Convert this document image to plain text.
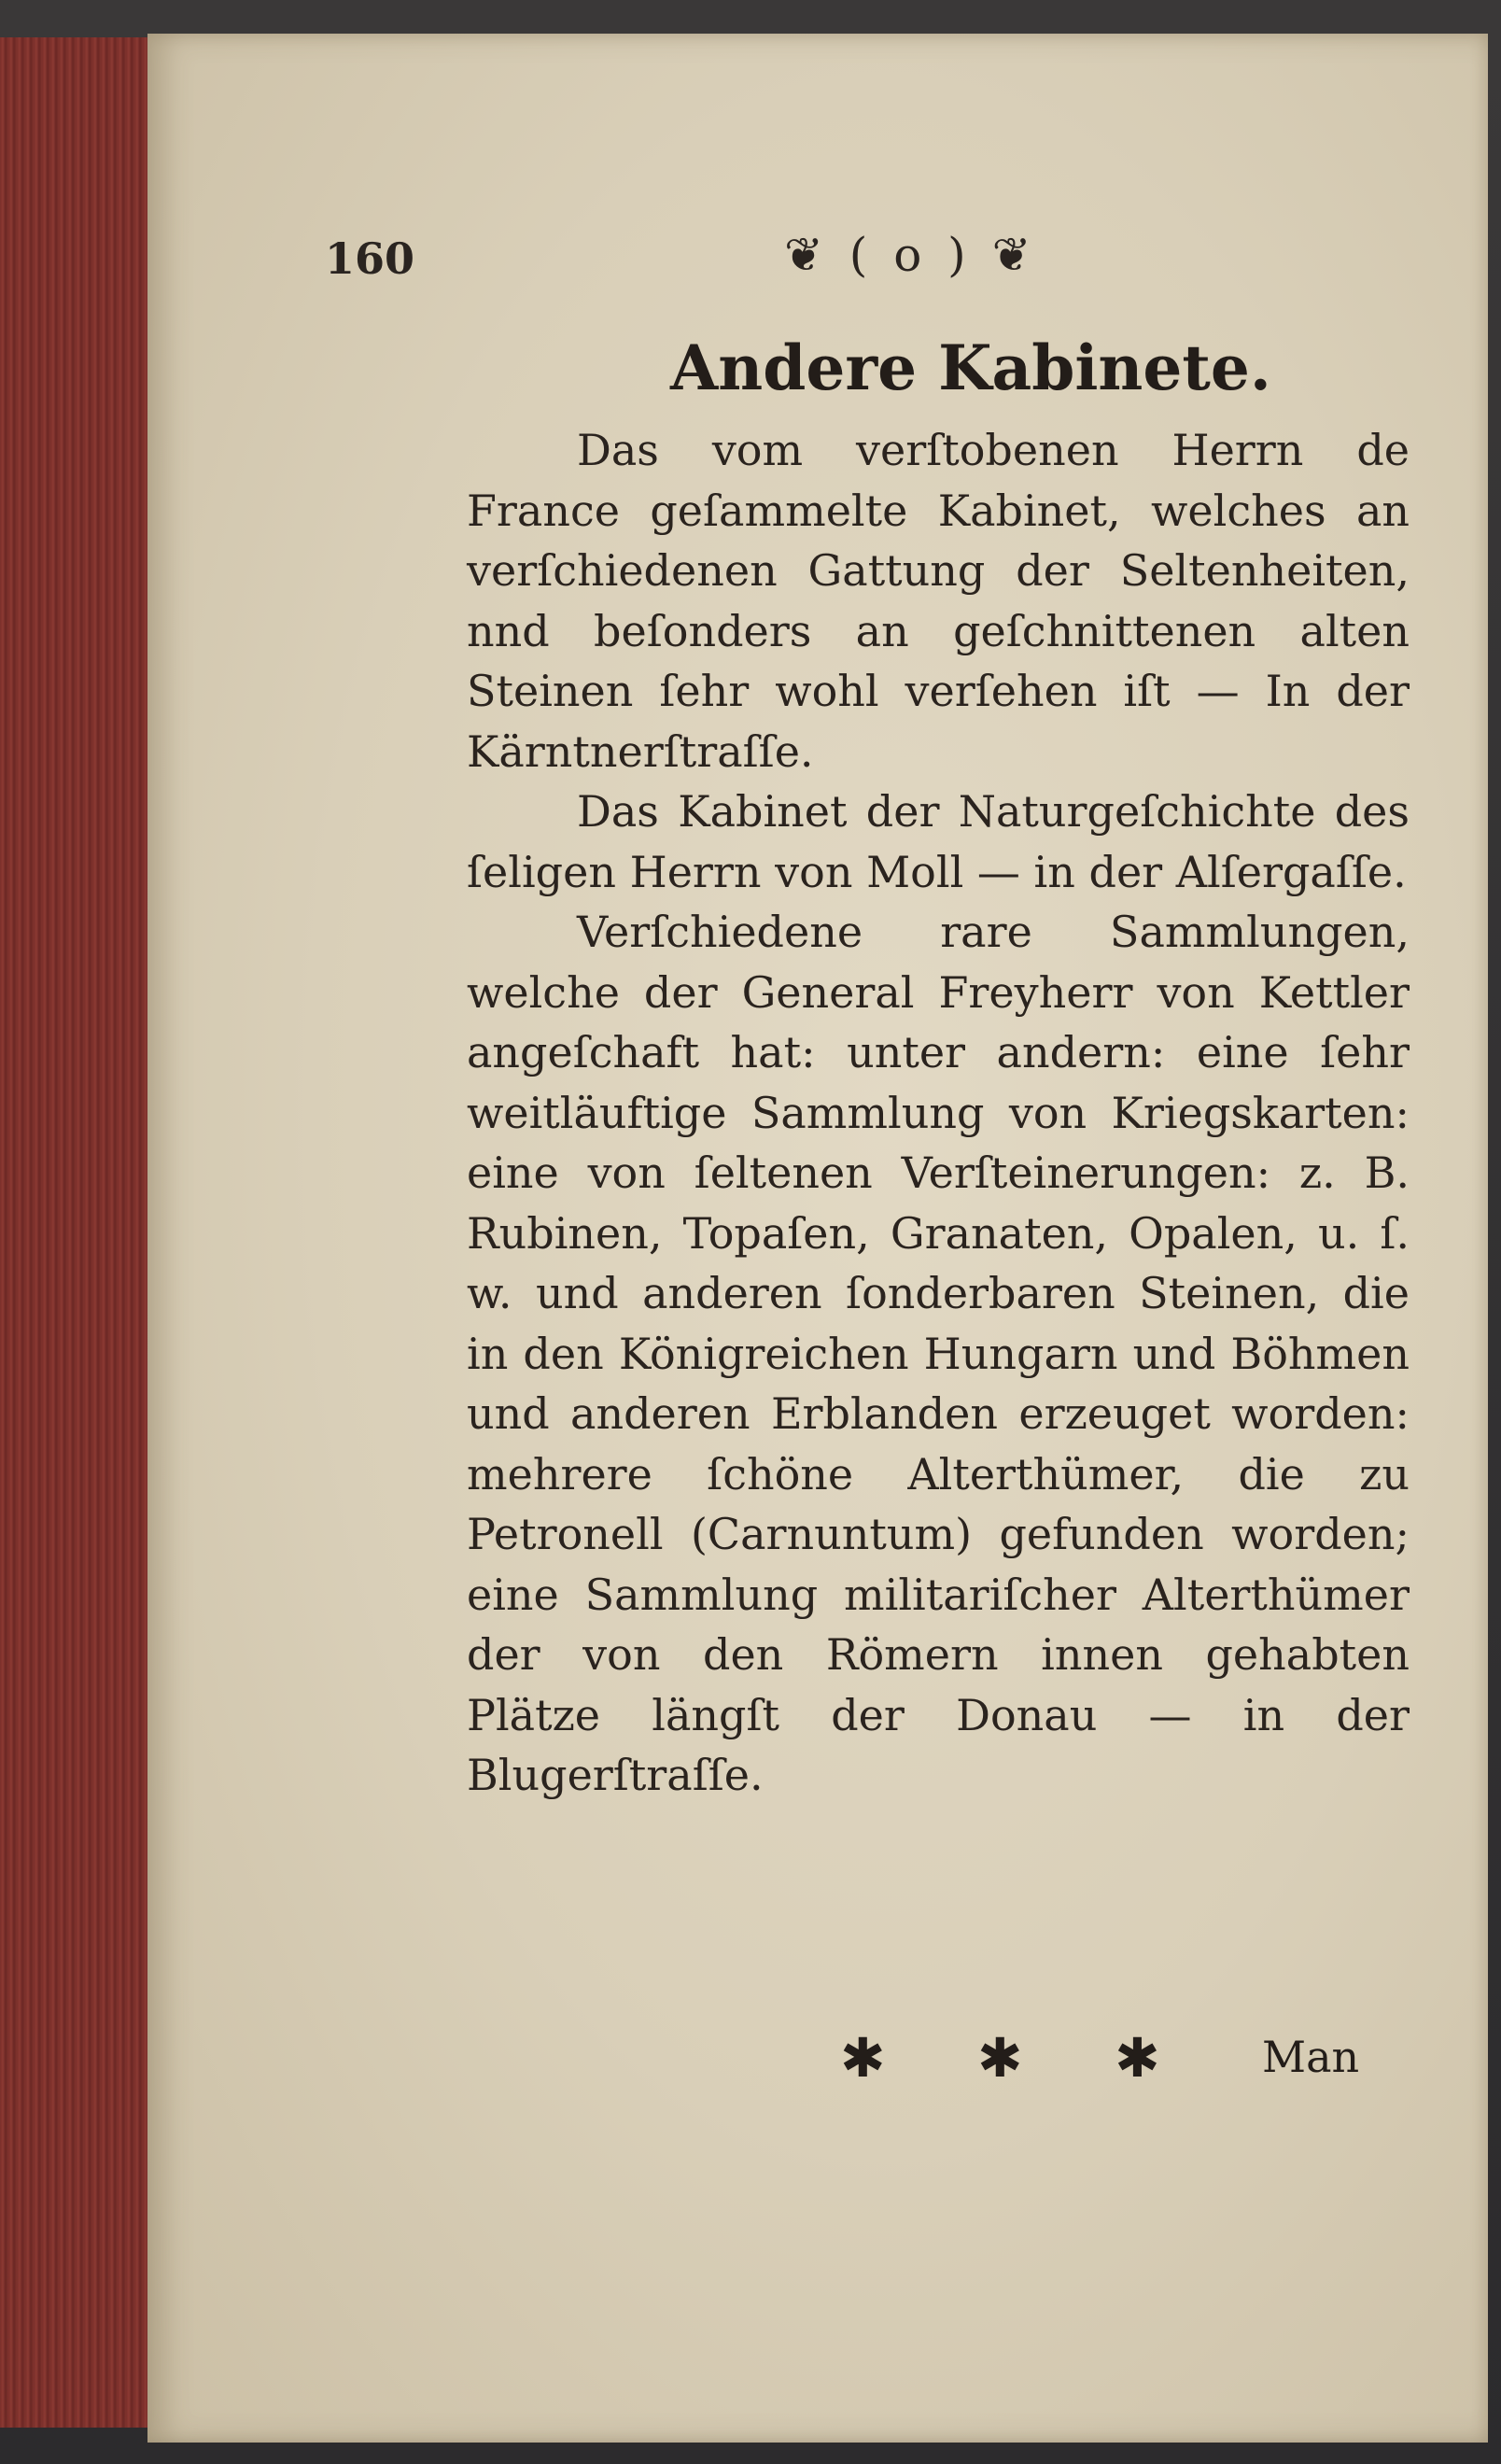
160	❦ ( o ) ❦
Andere Kabinete.

Das vom verſtobenen Herrn de France geſammelte Kabinet, welches an verſchiedenen Gattung der Seltenheiten, nnd beſonders an geſchnittenen alten Steinen ſehr wohl verſehen iſt — In der Kärntnerſtraſſe.

Das Kabinet der Naturgeſchichte des ſeligen Herrn von Moll — in der Alſergaſſe.

Verſchiedene rare Sammlungen, welche der General Freyherr von Kettler angeſchaft hat: unter andern: eine ſehr weitläuftige Sammlung von Kriegskarten: eine von ſeltenen Verſteinerungen: z. B. Rubinen, Topaſen, Granaten, Opalen, u. ſ. w. und anderen ſonderbaren Steinen, die in den Königreichen Hungarn und Böhmen und anderen Erblanden erzeuget worden: mehrere ſchöne Alterthümer, die zu Petronell (Carnuntum) gefunden worden; eine Sammlung militariſcher Alterthümer der von den Römern innen gehabten Plätze längſt der Donau — in der Blugerſtraſſe.

✱ ✱ ✱ Man
